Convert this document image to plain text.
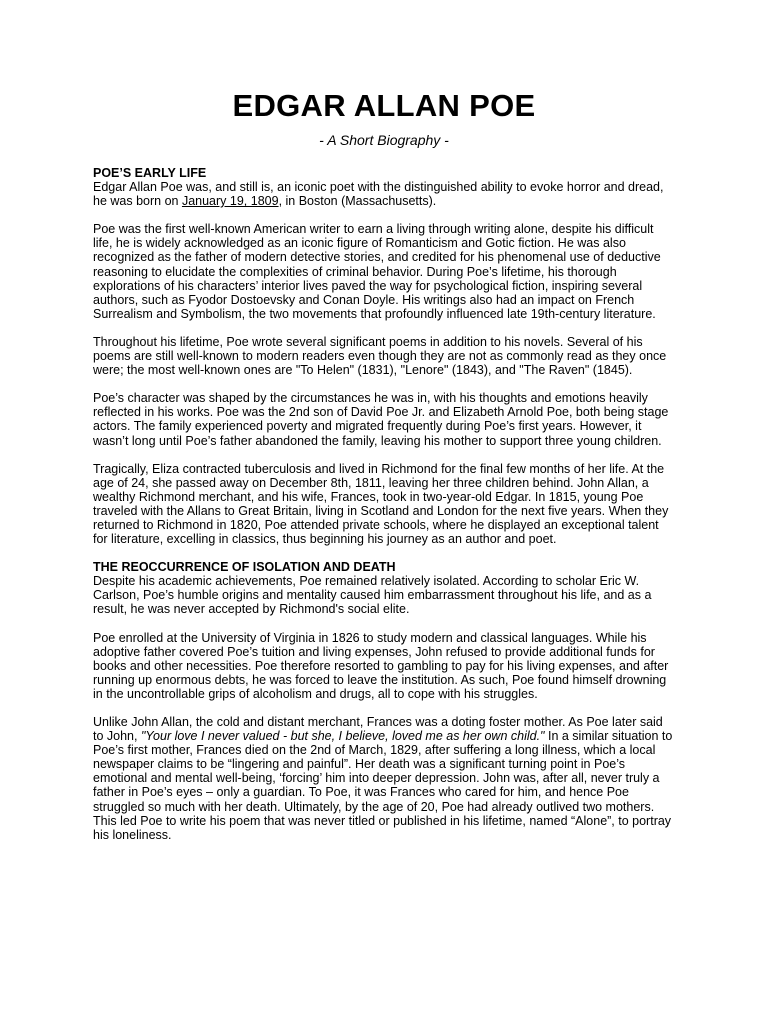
EDGAR ALLAN POE

- A Short Biography -

POE’S EARLY LIFE

Edgar Allan Poe was, and still is, an iconic poet with the distinguished ability to evoke horror and dread, he was born on January 19, 1809, in Boston (Massachusetts).

Poe was the first well-known American writer to earn a living through writing alone, despite his difficult life, he is widely acknowledged as an iconic figure of Romanticism and Gotic fiction. He was also recognized as the father of modern detective stories, and credited for his phenomenal use of deductive reasoning to elucidate the complexities of criminal behavior. During Poe’s lifetime, his thorough explorations of his characters’ interior lives paved the way for psychological fiction, inspiring several authors, such as Fyodor Dostoevsky and Conan Doyle. His writings also had an impact on French Surrealism and Symbolism, the two movements that profoundly influenced late 19th-century literature.

Throughout his lifetime, Poe wrote several significant poems in addition to his novels. Several of his poems are still well-known to modern readers even though they are not as commonly read as they once were; the most well-known ones are "To Helen" (1831), "Lenore" (1843), and "The Raven" (1845).

Poe’s character was shaped by the circumstances he was in, with his thoughts and emotions heavily reflected in his works. Poe was the 2nd son of David Poe Jr. and Elizabeth Arnold Poe, both being stage actors. The family experienced poverty and migrated frequently during Poe’s first years. However, it wasn’t long until Poe’s father abandoned the family, leaving his mother to support three young children.

Tragically, Eliza contracted tuberculosis and lived in Richmond for the final few months of her life. At the age of 24, she passed away on December 8th, 1811, leaving her three children behind. John Allan, a wealthy Richmond merchant, and his wife, Frances, took in two-year-old Edgar. In 1815, young Poe traveled with the Allans to Great Britain, living in Scotland and London for the next five years. When they returned to Richmond in 1820, Poe attended private schools, where he displayed an exceptional talent for literature, excelling in classics, thus beginning his journey as an author and poet.

THE REOCCURRENCE OF ISOLATION AND DEATH

Despite his academic achievements, Poe remained relatively isolated. According to scholar Eric W. Carlson, Poe’s humble origins and mentality caused him embarrassment throughout his life, and as a result, he was never accepted by Richmond's social elite.

Poe enrolled at the University of Virginia in 1826 to study modern and classical languages. While his adoptive father covered Poe’s tuition and living expenses, John refused to provide additional funds for books and other necessities. Poe therefore resorted to gambling to pay for his living expenses, and after running up enormous debts, he was forced to leave the institution. As such, Poe found himself drowning in the uncontrollable grips of alcoholism and drugs, all to cope with his struggles.

Unlike John Allan, the cold and distant merchant, Frances was a doting foster mother. As Poe later said to John, "Your love I never valued - but she, I believe, loved me as her own child." In a similar situation to Poe’s first mother, Frances died on the 2nd of March, 1829, after suffering a long illness, which a local newspaper claims to be “lingering and painful”. Her death was a significant turning point in Poe’s emotional and mental well-being, ‘forcing’ him into deeper depression. John was, after all, never truly a father in Poe’s eyes – only a guardian. To Poe, it was Frances who cared for him, and hence Poe struggled so much with her death. Ultimately, by the age of 20, Poe had already outlived two mothers. This led Poe to write his poem that was never titled or published in his lifetime, named “Alone”, to portray his loneliness.
